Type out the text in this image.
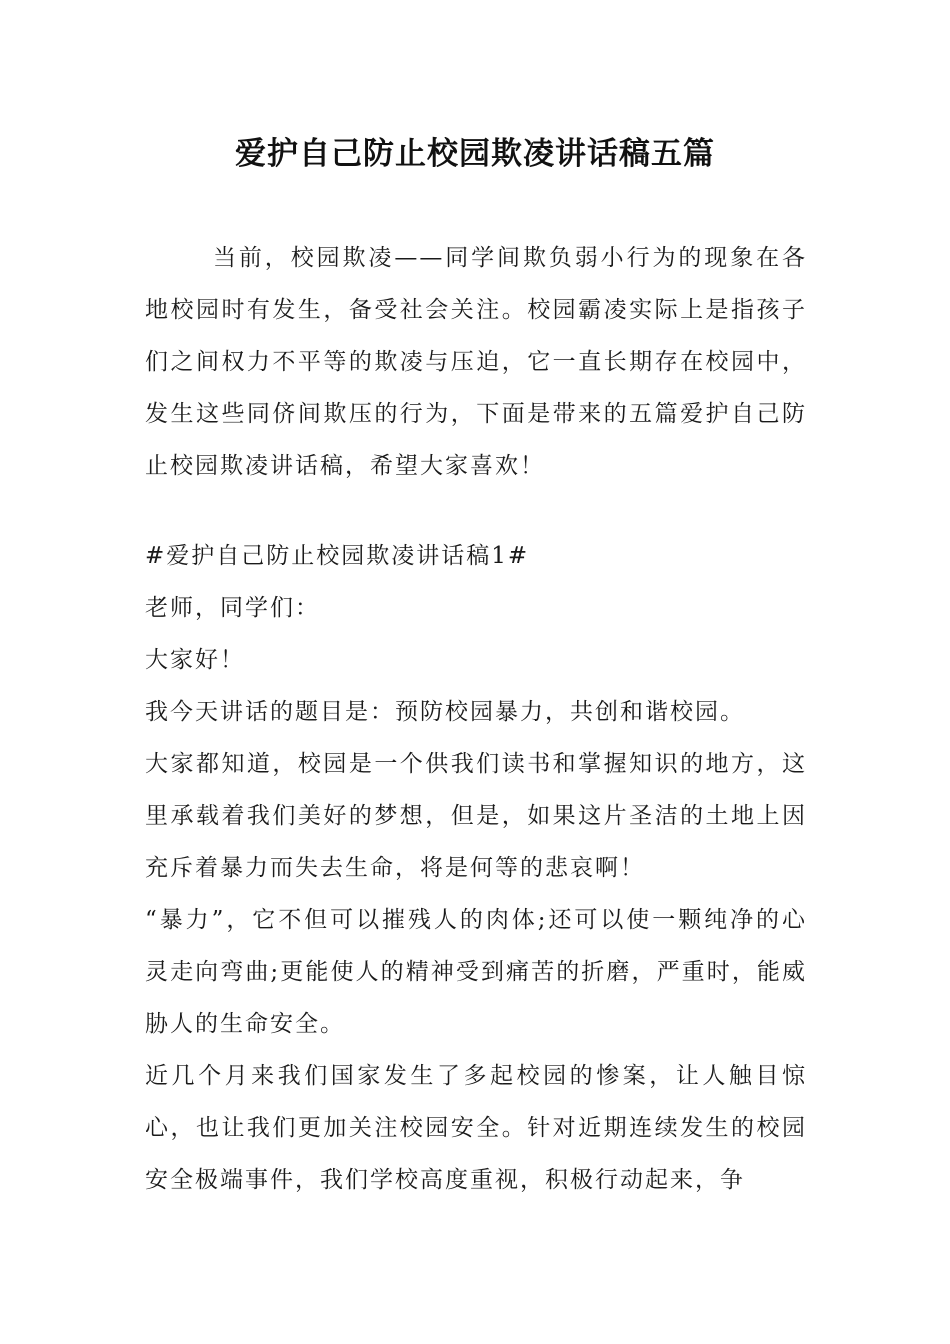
爱护自己防止校园欺凌讲话稿五篇

当前，校园欺凌——同学间欺负弱小行为的现象在各地校园时有发生，备受社会关注。校园霸凌实际上是指孩子们之间权力不平等的欺凌与压迫，它一直长期存在校园中，发生这些同侪间欺压的行为，下面是带来的五篇爱护自己防止校园欺凌讲话稿，希望大家喜欢！

#爱护自己防止校园欺凌讲话稿1#

老师，同学们：

大家好！

我今天讲话的题目是：预防校园暴力，共创和谐校园。

大家都知道，校园是一个供我们读书和掌握知识的地方，这里承载着我们美好的梦想，但是，如果这片圣洁的土地上因充斥着暴力而失去生命，将是何等的悲哀啊！

“暴力”，它不但可以摧残人的肉体;还可以使一颗纯净的心灵走向弯曲;更能使人的精神受到痛苦的折磨，严重时，能威胁人的生命安全。

近几个月来我们国家发生了多起校园的惨案，让人触目惊心，也让我们更加关注校园安全。针对近期连续发生的校园安全极端事件，我们学校高度重视，积极行动起来，争
